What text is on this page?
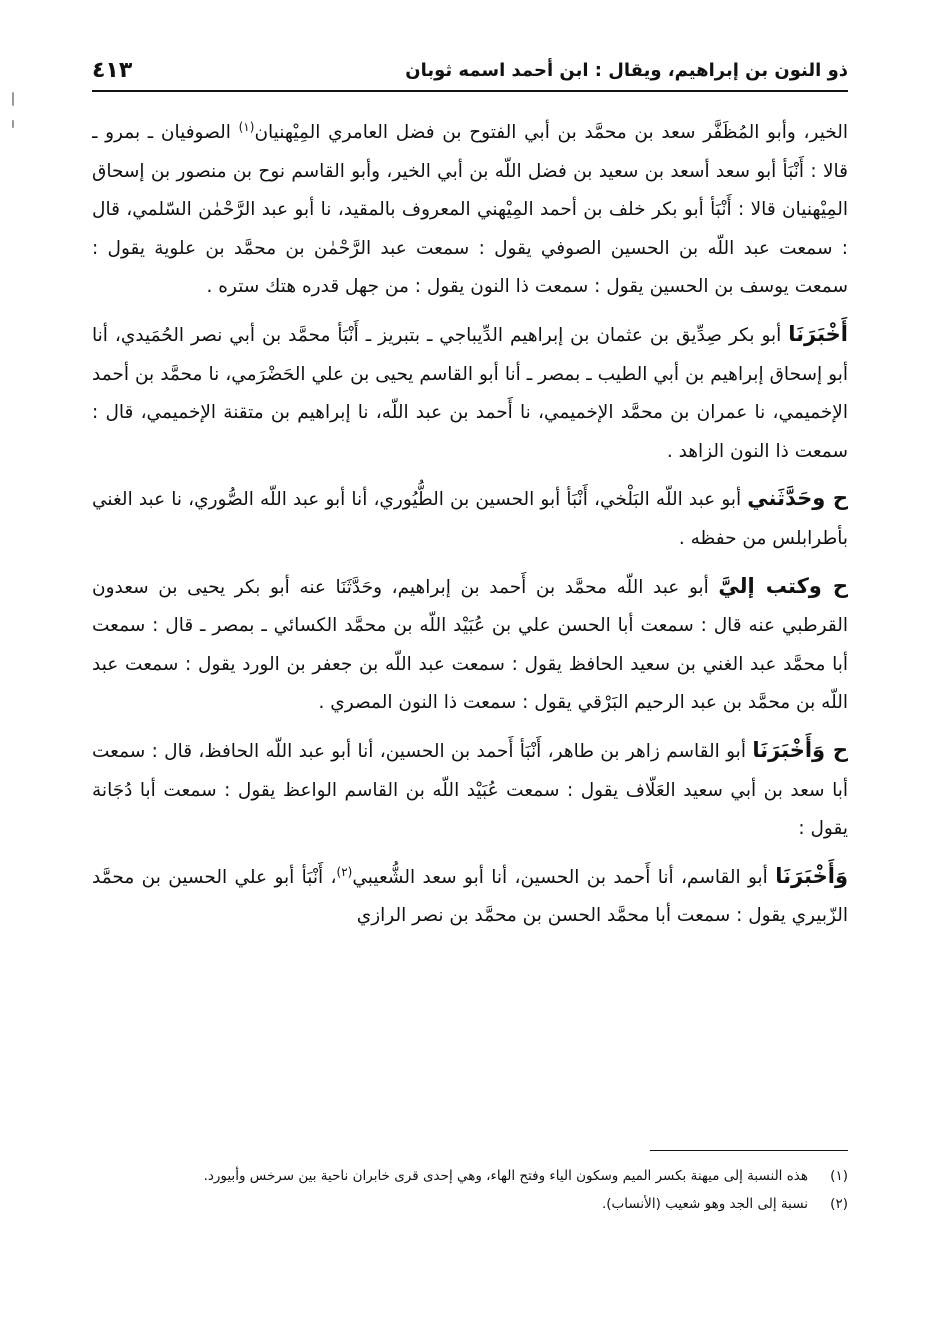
ذو النون بن إبراهيم، ويقال : ابن أحمد اسمه ثوبان
٤١٣

الخير، وأبو المُظَفَّر سعد بن محمَّد بن أبي الفتوح بن فضل العامري المِيْهنيان$^{(١)}$ الصوفيان ـ بمرو ـ قالا : أَنْبَأ أبو سعد أسعد بن سعيد بن فضل اللّه بن أبي الخير، وأبو القاسم نوح بن منصور بن إسحاق المِيْهنيان قالا : أَنْبَأ أبو بكر خلف بن أحمد المِيْهني المعروف بالمقيد، نا أبو عبد الرَّحْمٰن السّلمي، قال : سمعت عبد اللّه بن الحسين الصوفي يقول : سمعت عبد الرَّحْمٰن بن محمَّد بن علوية يقول : سمعت يوسف بن الحسين يقول : سمعت ذا النون يقول : من جهل قدره هتك ستره .

أَخْبَرَنَا أبو بكر صِدِّيق بن عثمان بن إبراهيم الدِّيباجي ـ بتبريز ـ أَنْبَأ محمَّد بن أبي نصر الحُمَيدي، أنا أبو إسحاق إبراهيم بن أبي الطيب ـ بمصر ـ أنا أبو القاسم يحيى بن علي الحَضْرَمي، نا محمَّد بن أحمد الإخميمي، نا عمران بن محمَّد الإخميمي، نا أَحمد بن عبد اللّه، نا إبراهيم بن متقنة الإخميمي، قال : سمعت ذا النون الزاهد .

ح وحَدَّثَني أبو عبد اللّه البَلْخي، أَنْبَأ أبو الحسين بن الطُّيُوري، أنا أبو عبد اللّه الصُّوري، نا عبد الغني بأطرابلس من حفظه .

ح وكتب إليَّ أبو عبد اللّه محمَّد بن أَحمد بن إبراهيم، وحَدَّثَنَا عنه أبو بكر يحيى بن سعدون القرطبي عنه قال : سمعت أبا الحسن علي بن عُبَيْد اللّه بن محمَّد الكسائي ـ بمصر ـ قال : سمعت أبا محمَّد عبد الغني بن سعيد الحافظ يقول : سمعت عبد اللّه بن جعفر بن الورد يقول : سمعت عبد اللّه بن محمَّد بن عبد الرحيم البَرْقي يقول : سمعت ذا النون المصري .

ح وَأَخْبَرَنَا أبو القاسم زاهر بن طاهر، أَنْبَأ أَحمد بن الحسين، أنا أبو عبد اللّه الحافظ، قال : سمعت أبا سعد بن أبي سعيد العَلّاف يقول : سمعت عُبَيْد اللّه بن القاسم الواعظ يقول : سمعت أبا دُجَانة يقول :

وَأَخْبَرَنَا أبو القاسم، أنا أَحمد بن الحسين، أنا أبو سعد الشُّعيبي$^{(٢)}$، أَنْبَأ أبو علي الحسين بن محمَّد الزّبيري يقول : سمعت أبا محمَّد الحسن بن محمَّد بن نصر الرازي

(١)
هذه النسبة إلى ميهنة بكسر الميم وسكون الياء وفتح الهاء، وهي إحدى قرى خابران ناحية بين سرخس وأبيورد.
(٢)
نسبة إلى الجد وهو شعيب (الأنساب).
